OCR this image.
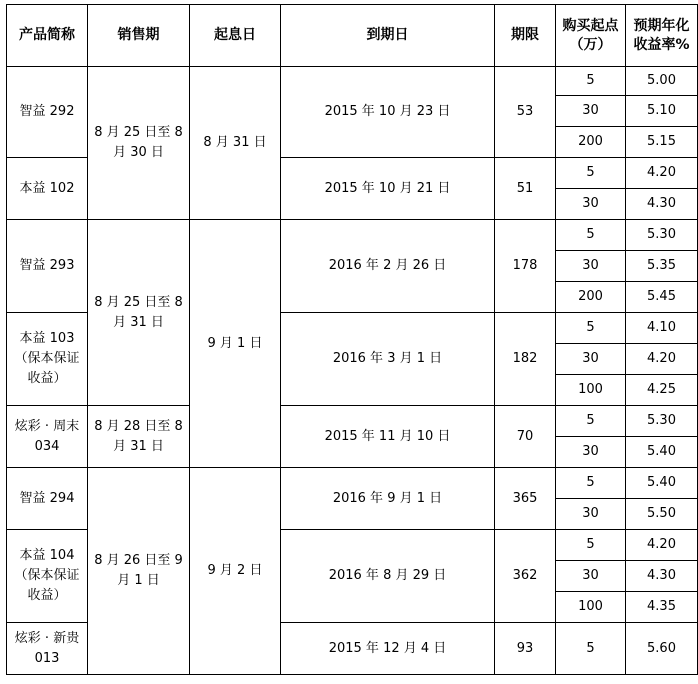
产品简称	销售期	起息日	到期日	期限	购买起点（万）	预期年化收益率%
智益 292	8 月 25 日至 8 月 30 日	8 月 31 日	2015 年 10 月 23 日	53	5	5.00
					30	5.10
					200	5.15
本益 102			2015 年 10 月 21 日	51	5	4.20
					30	4.30
智益 293	8 月 25 日至 8 月 31 日	9 月 1 日	2016 年 2 月 26 日	178	5	5.30
					30	5.35
					200	5.45
本益 103（保本保证收益）			2016 年 3 月 1 日	182	5	4.10
					30	4.20
					100	4.25
炫彩 · 周末 034	8 月 28 日至 8 月 31 日		2015 年 11 月 10 日	70	5	5.30
					30	5.40
智益 294	8 月 26 日至 9 月 1 日	9 月 2 日	2016 年 9 月 1 日	365	5	5.40
					30	5.50
本益 104（保本保证收益）			2016 年 8 月 29 日	362	5	4.20
					30	4.30
					100	4.35
炫彩 · 新贵 013			2015 年 12 月 4 日	93	5	5.60
